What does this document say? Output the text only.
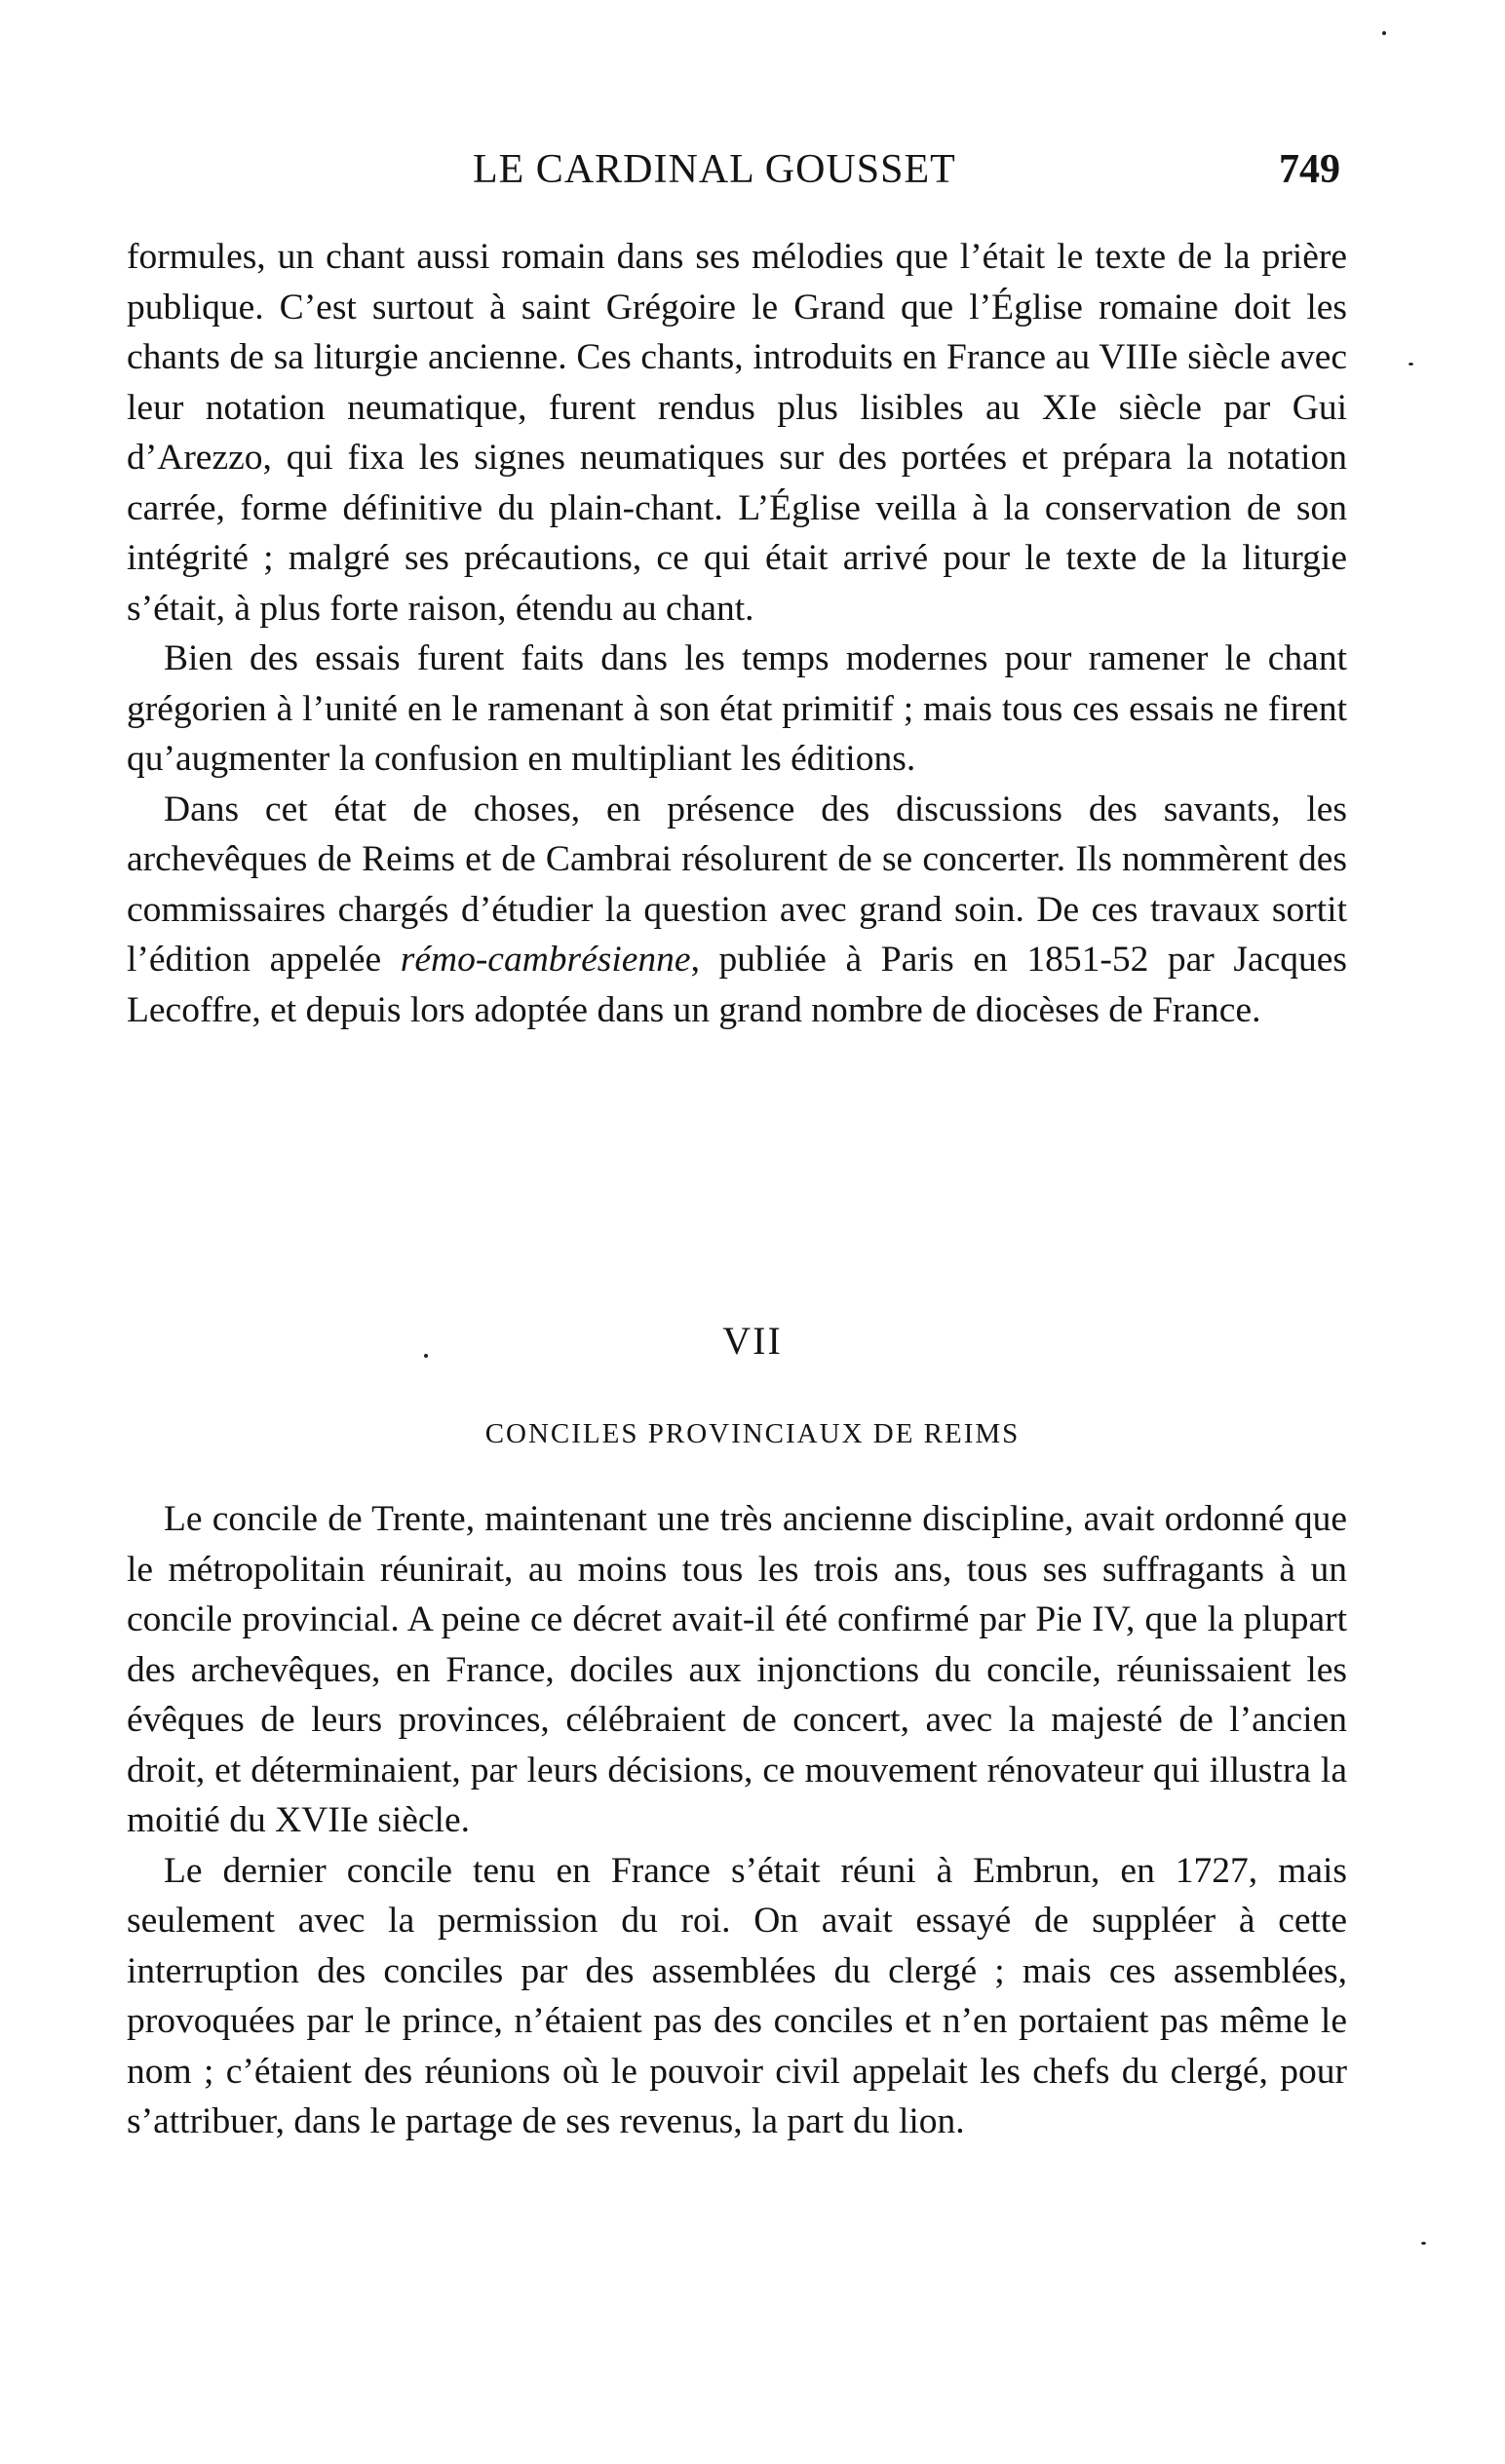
LE CARDINAL GOUSSET	749

formules, un chant aussi romain dans ses mélodies que l’était le texte de la prière publique. C’est surtout à saint Grégoire le Grand que l’Église romaine doit les chants de sa liturgie ancienne. Ces chants, introduits en France au VIIIe siècle avec leur notation neumatique, furent rendus plus lisibles au XIe siècle par Gui d’Arezzo, qui fixa les signes neumatiques sur des portées et prépara la notation carrée, forme définitive du plain-chant. L’Église veilla à la conservation de son intégrité ; malgré ses précautions, ce qui était arrivé pour le texte de la liturgie s’était, à plus forte raison, étendu au chant.

Bien des essais furent faits dans les temps modernes pour ramener le chant grégorien à l’unité en le ramenant à son état primitif ; mais tous ces essais ne firent qu’augmenter la confusion en multipliant les éditions.

Dans cet état de choses, en présence des discussions des savants, les archevêques de Reims et de Cambrai résolurent de se concerter. Ils nommèrent des commissaires chargés d’étudier la question avec grand soin. De ces travaux sortit l’édition appelée rémo-cambrésienne, publiée à Paris en 1851-52 par Jacques Lecoffre, et depuis lors adoptée dans un grand nombre de diocèses de France.

VII
CONCILES PROVINCIAUX DE REIMS

Le concile de Trente, maintenant une très ancienne discipline, avait ordonné que le métropolitain réunirait, au moins tous les trois ans, tous ses suffragants à un concile provincial. A peine ce décret avait-il été confirmé par Pie IV, que la plupart des archevêques, en France, dociles aux injonctions du concile, réunissaient les évêques de leurs provinces, célébraient de concert, avec la majesté de l’ancien droit, et déterminaient, par leurs décisions, ce mouvement rénovateur qui illustra la moitié du XVIIe siècle.

Le dernier concile tenu en France s’était réuni à Embrun, en 1727, mais seulement avec la permission du roi. On avait essayé de suppléer à cette interruption des conciles par des assemblées du clergé ; mais ces assemblées, provoquées par le prince, n’étaient pas des conciles et n’en portaient pas même le nom ; c’étaient des réunions où le pouvoir civil appelait les chefs du clergé, pour s’attribuer, dans le partage de ses revenus, la part du lion.
